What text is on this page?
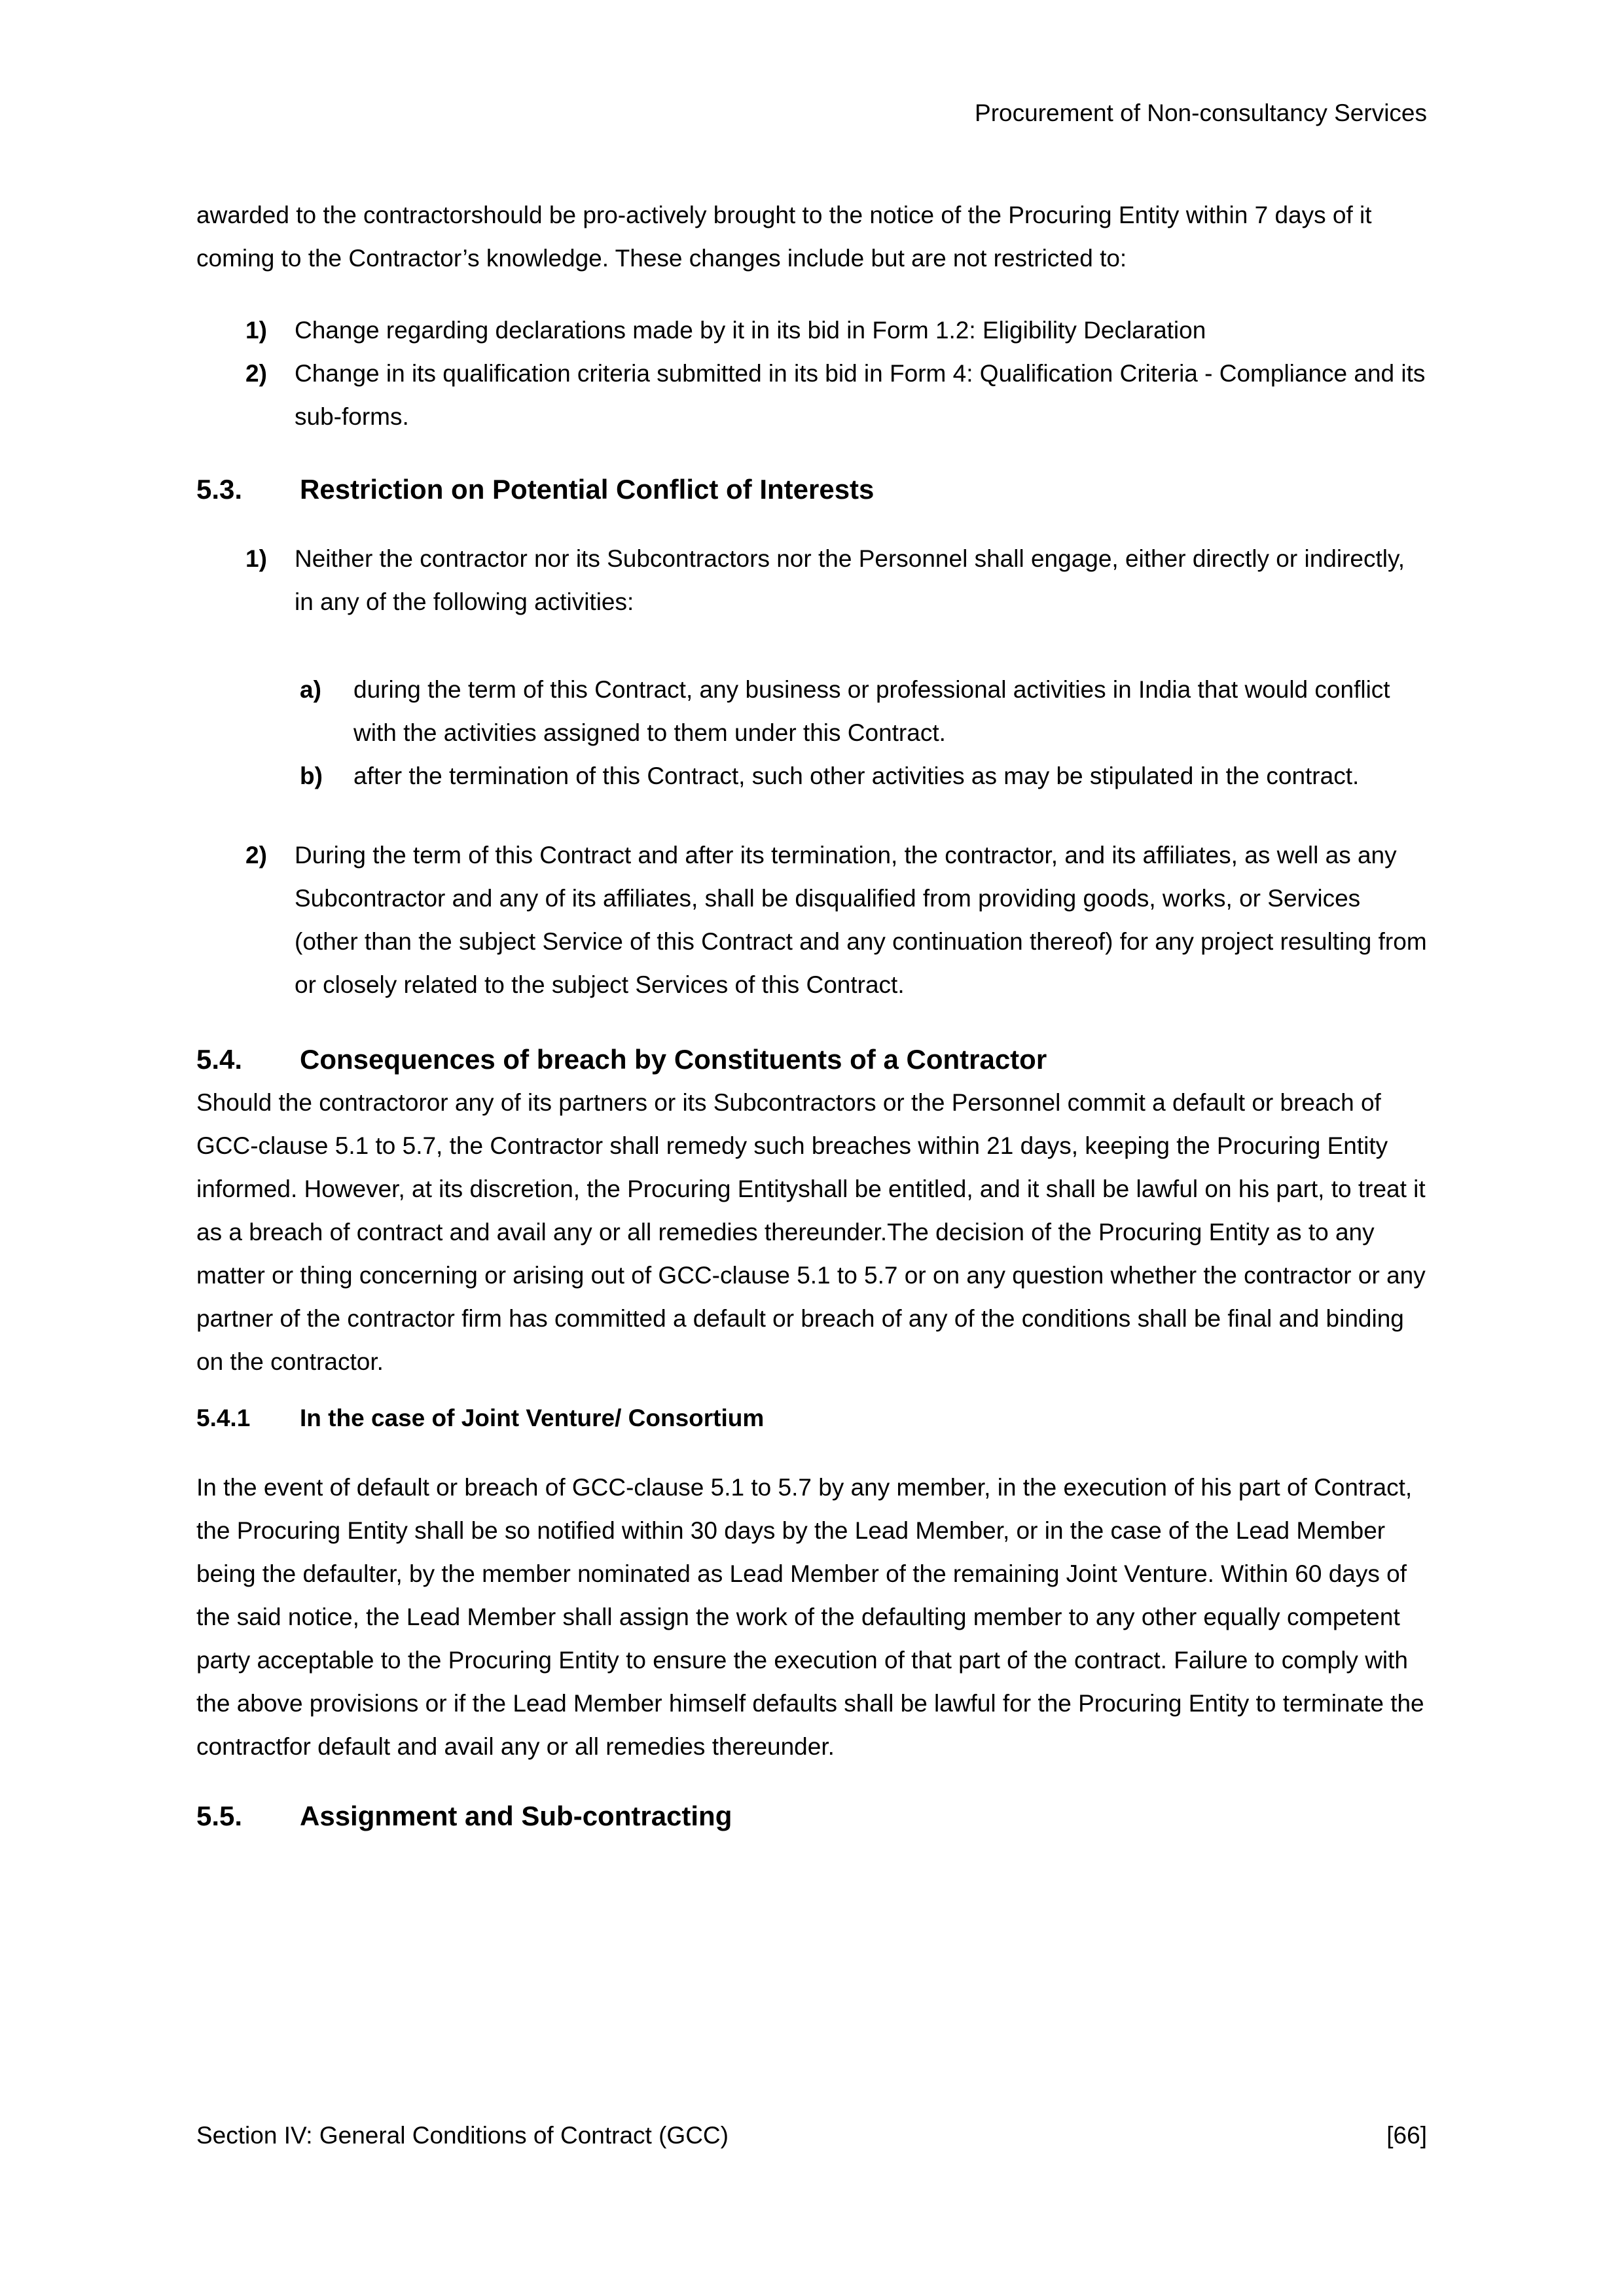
Procurement of Non-consultancy Services

awarded to the contractorshould be pro-actively brought to the notice of the Procuring Entity within 7 days of it coming to the Contractor’s knowledge. These changes include but are not restricted to:

1) Change regarding declarations made by it in its bid in Form 1.2: Eligibility Declaration
2) Change in its qualification criteria submitted in its bid in Form 4: Qualification Criteria - Compliance and its sub-forms.
5.3.	Restriction on Potential Conflict of Interests
1) Neither the contractor nor its Subcontractors nor the Personnel shall engage, either directly or indirectly, in any of the following activities:
a) during the term of this Contract, any business or professional activities in India that would conflict with the activities assigned to them under this Contract.
b) after the termination of this Contract, such other activities as may be stipulated in the contract.
2) During the term of this Contract and after its termination, the contractor, and its affiliates, as well as any Subcontractor and any of its affiliates, shall be disqualified from providing goods, works, or Services (other than the subject Service of this Contract and any continuation thereof) for any project resulting from or closely related to the subject Services of this Contract.
5.4.	Consequences of breach by Constituents of a Contractor

Should the contractoror any of its partners or its Subcontractors or the Personnel commit a default or breach of GCC-clause 5.1 to 5.7, the Contractor shall remedy such breaches within 21 days, keeping the Procuring Entity informed. However, at its discretion, the Procuring Entityshall be entitled, and it shall be lawful on his part, to treat it as a breach of contract and avail any or all remedies thereunder.The decision of the Procuring Entity as to any matter or thing concerning or arising out of GCC-clause 5.1 to 5.7 or on any question whether the contractor or any partner of the contractor firm has committed a default or breach of any of the conditions shall be final and binding on the contractor.

5.4.1	In the case of Joint Venture/ Consortium

In the event of default or breach of GCC-clause 5.1 to 5.7 by any member, in the execution of his part of Contract, the Procuring Entity shall be so notified within 30 days by the Lead Member, or in the case of the Lead Member being the defaulter, by the member nominated as Lead Member of the remaining Joint Venture. Within 60 days of the said notice, the Lead Member shall assign the work of the defaulting member to any other equally competent party acceptable to the Procuring Entity to ensure the execution of that part of the contract. Failure to comply with the above provisions or if the Lead Member himself defaults shall be lawful for the Procuring Entity to terminate the contractfor default and avail any or all remedies thereunder.

5.5.	Assignment and Sub-contracting
Section IV: General Conditions of Contract (GCC)	[66]
